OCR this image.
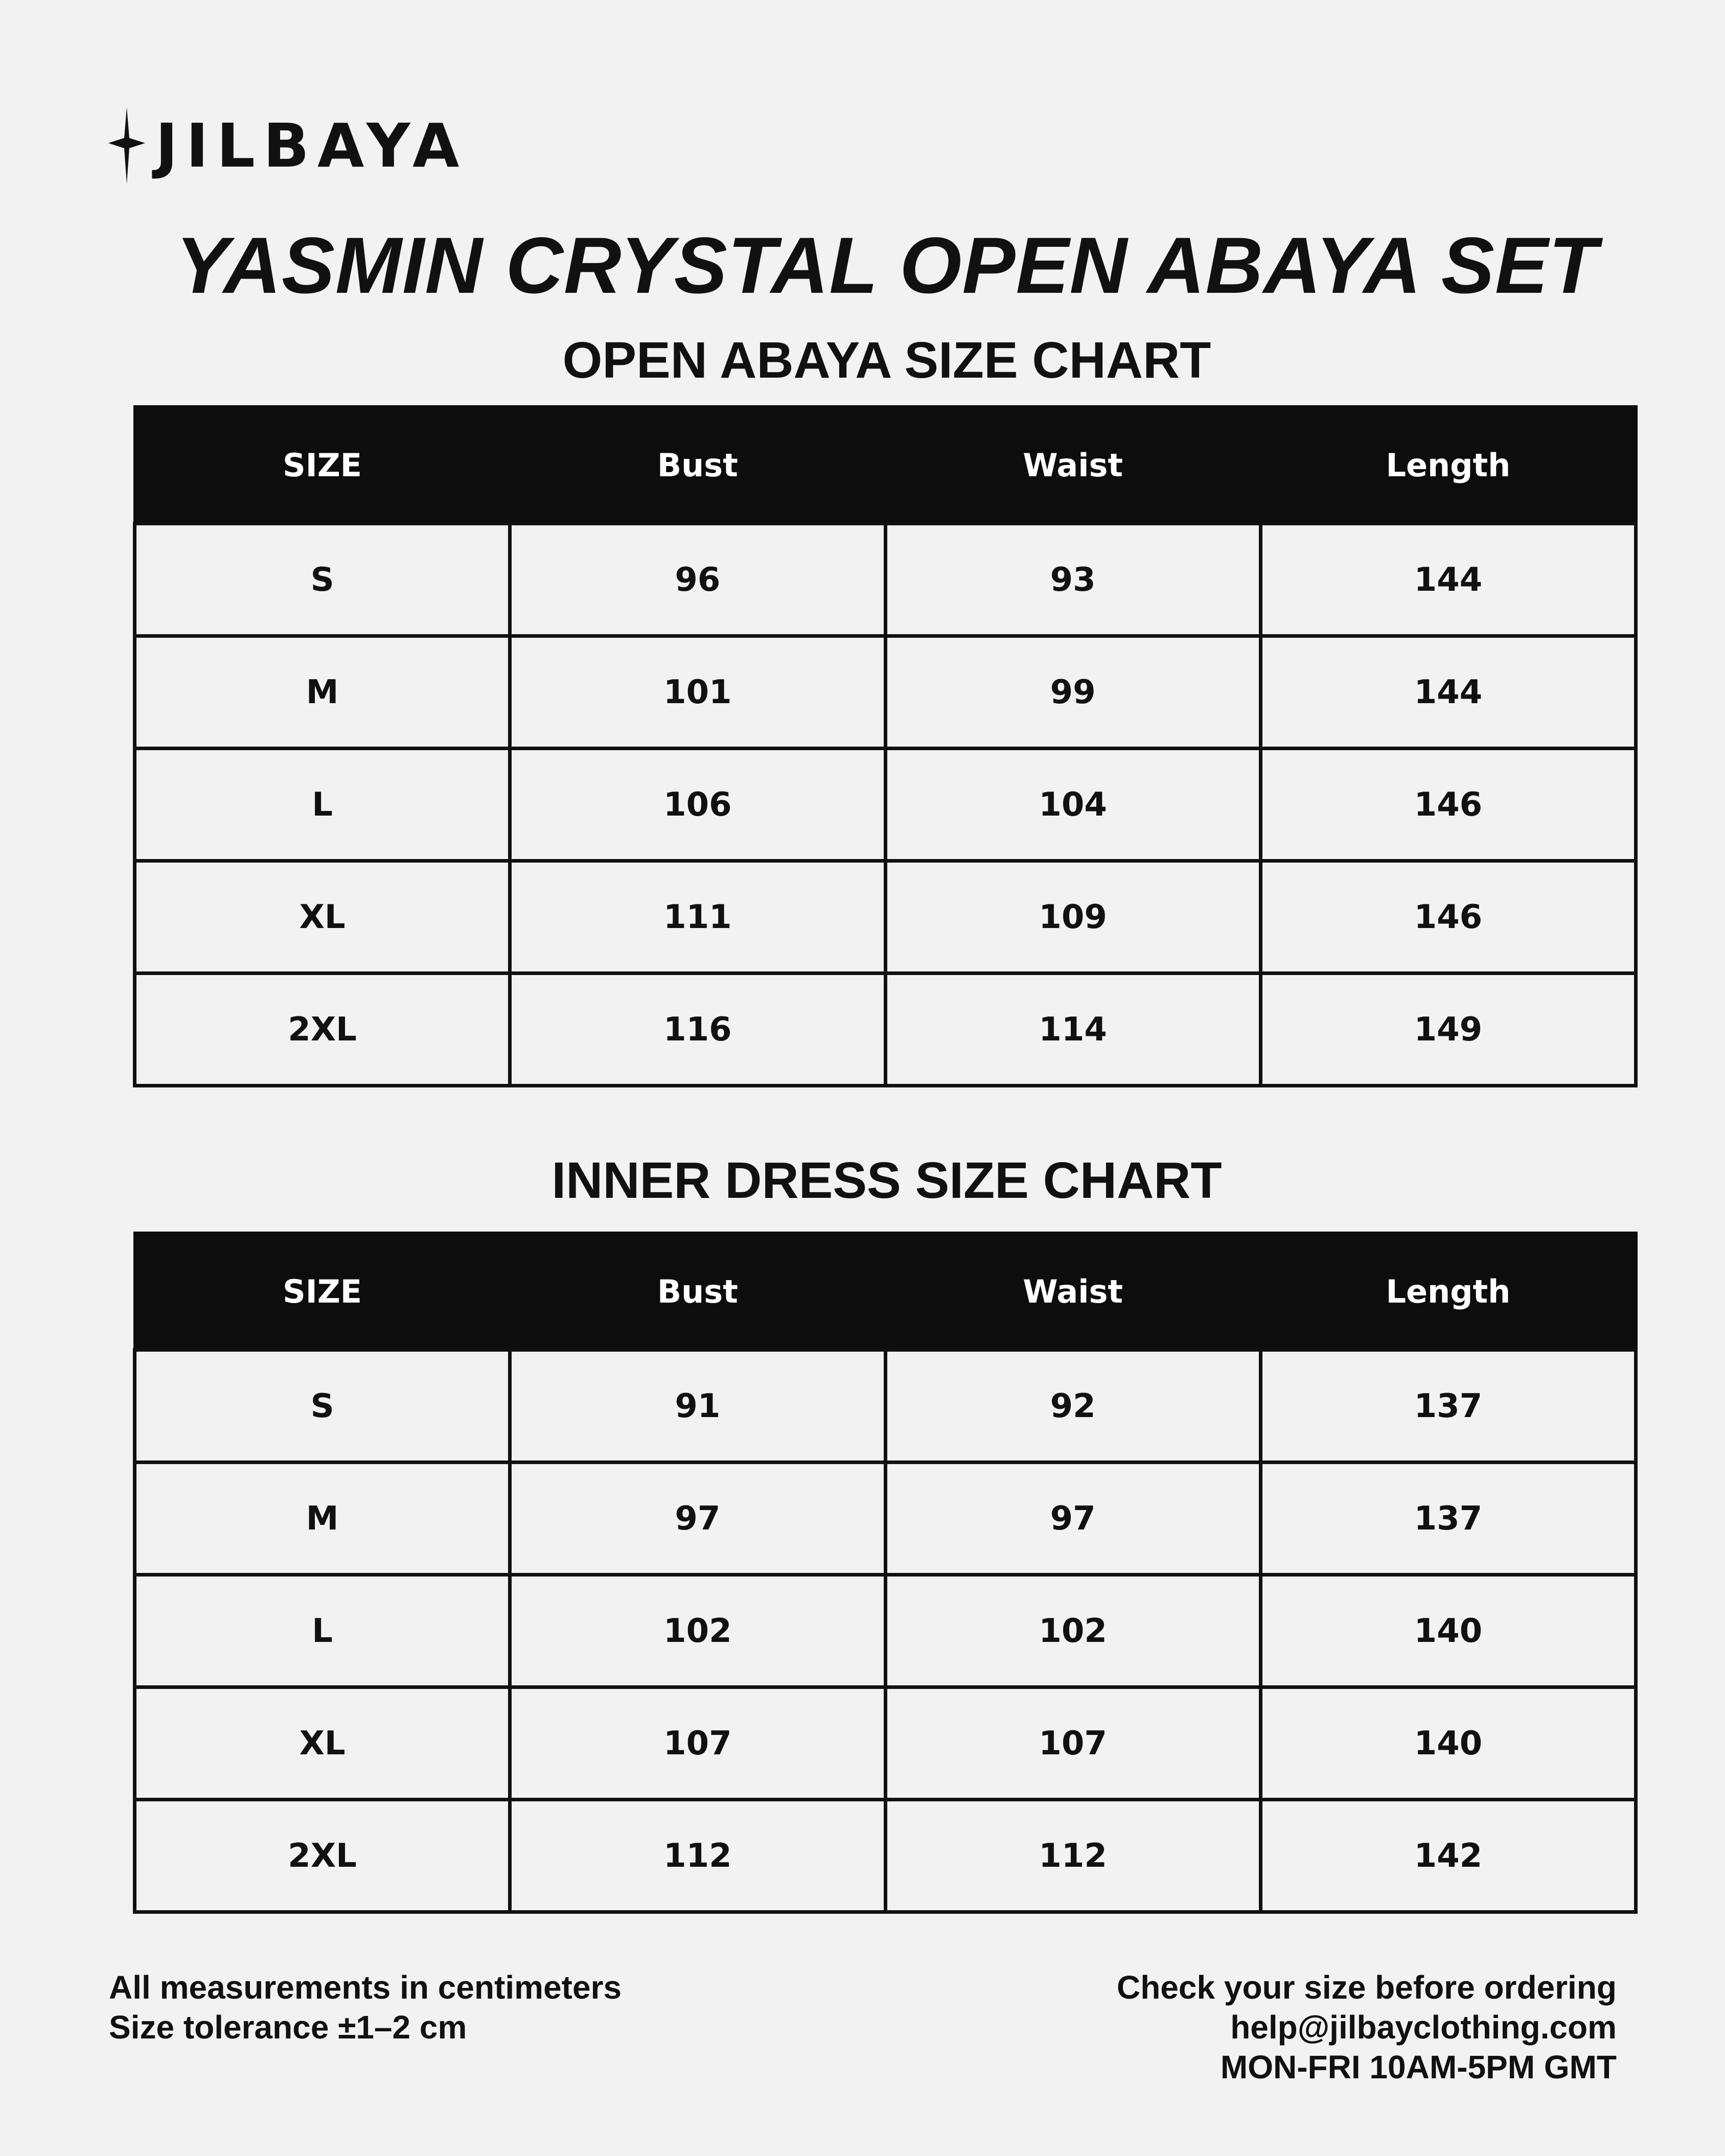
JILBAYA
YASMIN CRYSTAL OPEN ABAYA SET
OPEN ABAYA SIZE CHART
SIZE	Bust	Waist	Length
S	96	93	144
M	101	99	144
L	106	104	146
XL	111	109	146
2XL	116	114	149
INNER DRESS SIZE CHART
SIZE	Bust	Waist	Length
S	91	92	137
M	97	97	137
L	102	102	140
XL	107	107	140
2XL	112	112	142
All measurements in centimeters
Size tolerance ±1–2 cm
Check your size before ordering
help@jilbayclothing.com
MON-FRI 10AM-5PM GMT
